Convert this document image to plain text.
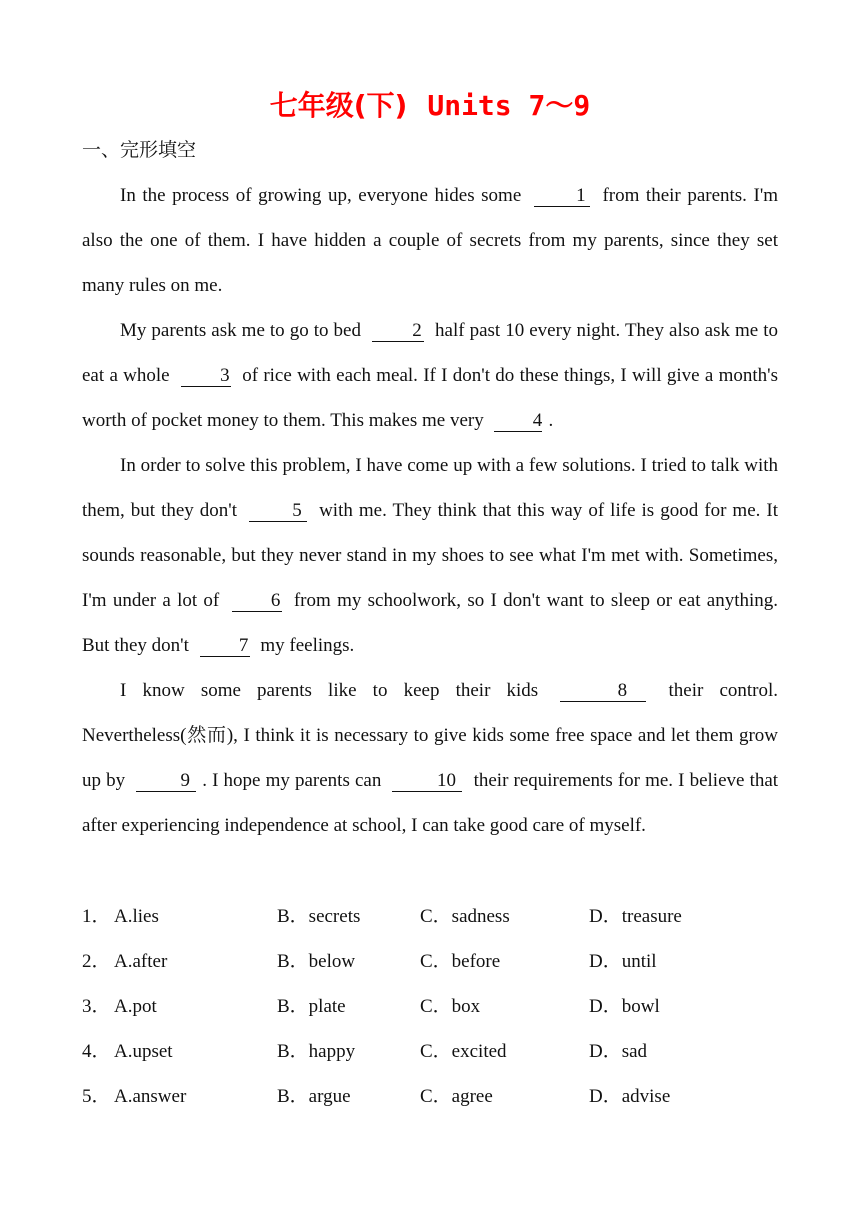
七年级(下) Units 7～9
一、完形填空

In the process of growing up, everyone hides some	1 from their parents. I'm also the one of them. I have hidden a couple of secrets from my parents, since they set many rules on me.

My parents ask me to go to bed	2 half past 10 every night. They also ask me to eat a whole	3 of rice with each meal. If I don't do these things, I will give a month's worth of pocket money to them. This makes me very	4 .

In order to solve this problem, I have come up with a few solutions. I tried to talk with them, but they don't	5 with me. They think that this way of life is good for me. It sounds reasonable, but they never stand in my shoes to see what I'm met with. Sometimes, I'm under a lot of	6 from my schoolwork, so I don't want to sleep or eat anything. But they don't	7 my feelings.

I know some parents like to keep their kids	8 their control. Nevertheless(然而), I think it is necessary to give kids some free space and let them grow up by	9 . I hope my parents can	10 their requirements for me. I believe that after experiencing independence at school, I can take good care of myself.

1． A.lies	B．secrets	C．sadness	D．treasure
2． A.after	B．below	C．before	D．until
3． A.pot	B．plate	C．box	D．bowl
4． A.upset	B．happy	C．excited	D．sad
5． A.answer	B．argue	C．agree	D．advise
